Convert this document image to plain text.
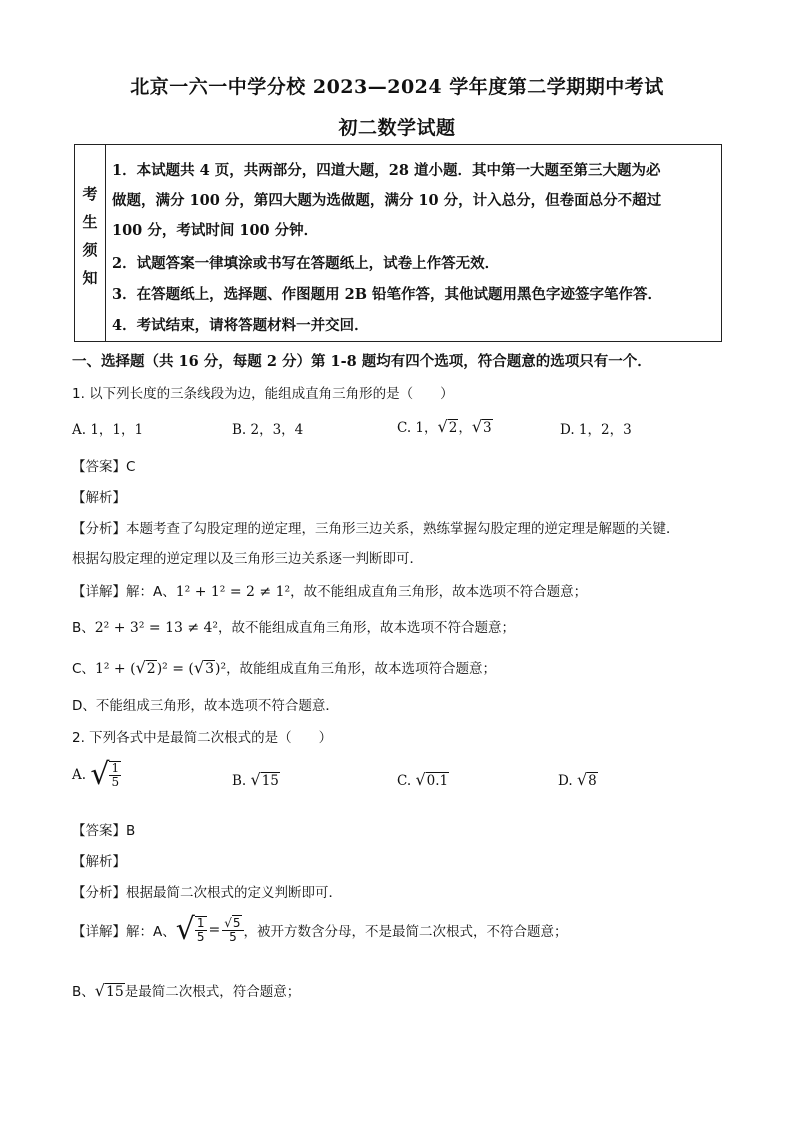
北京一六一中学分校 2023—2024 学年度第二学期期中考试
初二数学试题
考
生
须
知
1．本试题共 4 页，共两部分，四道大题，28 道小题．其中第一大题至第三大题为必
做题，满分 100 分，第四大题为选做题，满分 10 分，计入总分，但卷面总分不超过
100 分，考试时间 100 分钟．
2．试题答案一律填涂或书写在答题纸上，试卷上作答无效．
3．在答题纸上，选择题、作图题用 2B 铅笔作答，其他试题用黑色字迹签字笔作答．
4．考试结束，请将答题材料一并交回．
一、选择题（共 16 分，每题 2 分）第 1-8 题均有四个选项，符合题意的选项只有一个．
1. 以下列长度的三条线段为边，能组成直角三角形的是（　　）
A. 1，1，1	B. 2，3，4	C. 1，√2，√3	D. 1，2，3
【答案】C
【解析】
【分析】本题考查了勾股定理的逆定理，三角形三边关系，熟练掌握勾股定理的逆定理是解题的关键．
根据勾股定理的逆定理以及三角形三边关系逐一判断即可．
【详解】解：A、1² + 1² = 2 ≠ 1²，故不能组成直角三角形，故本选项不符合题意；
B、2² + 3² = 13 ≠ 4²，故不能组成直角三角形，故本选项不符合题意；
C、1² + (√2)² = (√3)²，故能组成直角三角形，故本选项符合题意；
D、不能组成三角形，故本选项不符合题意．
2. 下列各式中是最简二次根式的是（　　）
A. √ $\frac{1}{5}$	B. √15	C. √0.1	D. √8
【答案】B
【解析】
【分析】根据最简二次根式的定义判断即可．
【详解】解：A、√ $\frac{1}{5} = \frac{√5}{5}$ ，被开方数含分母，不是最简二次根式，不符合题意；
B、√15是最简二次根式，符合题意；
